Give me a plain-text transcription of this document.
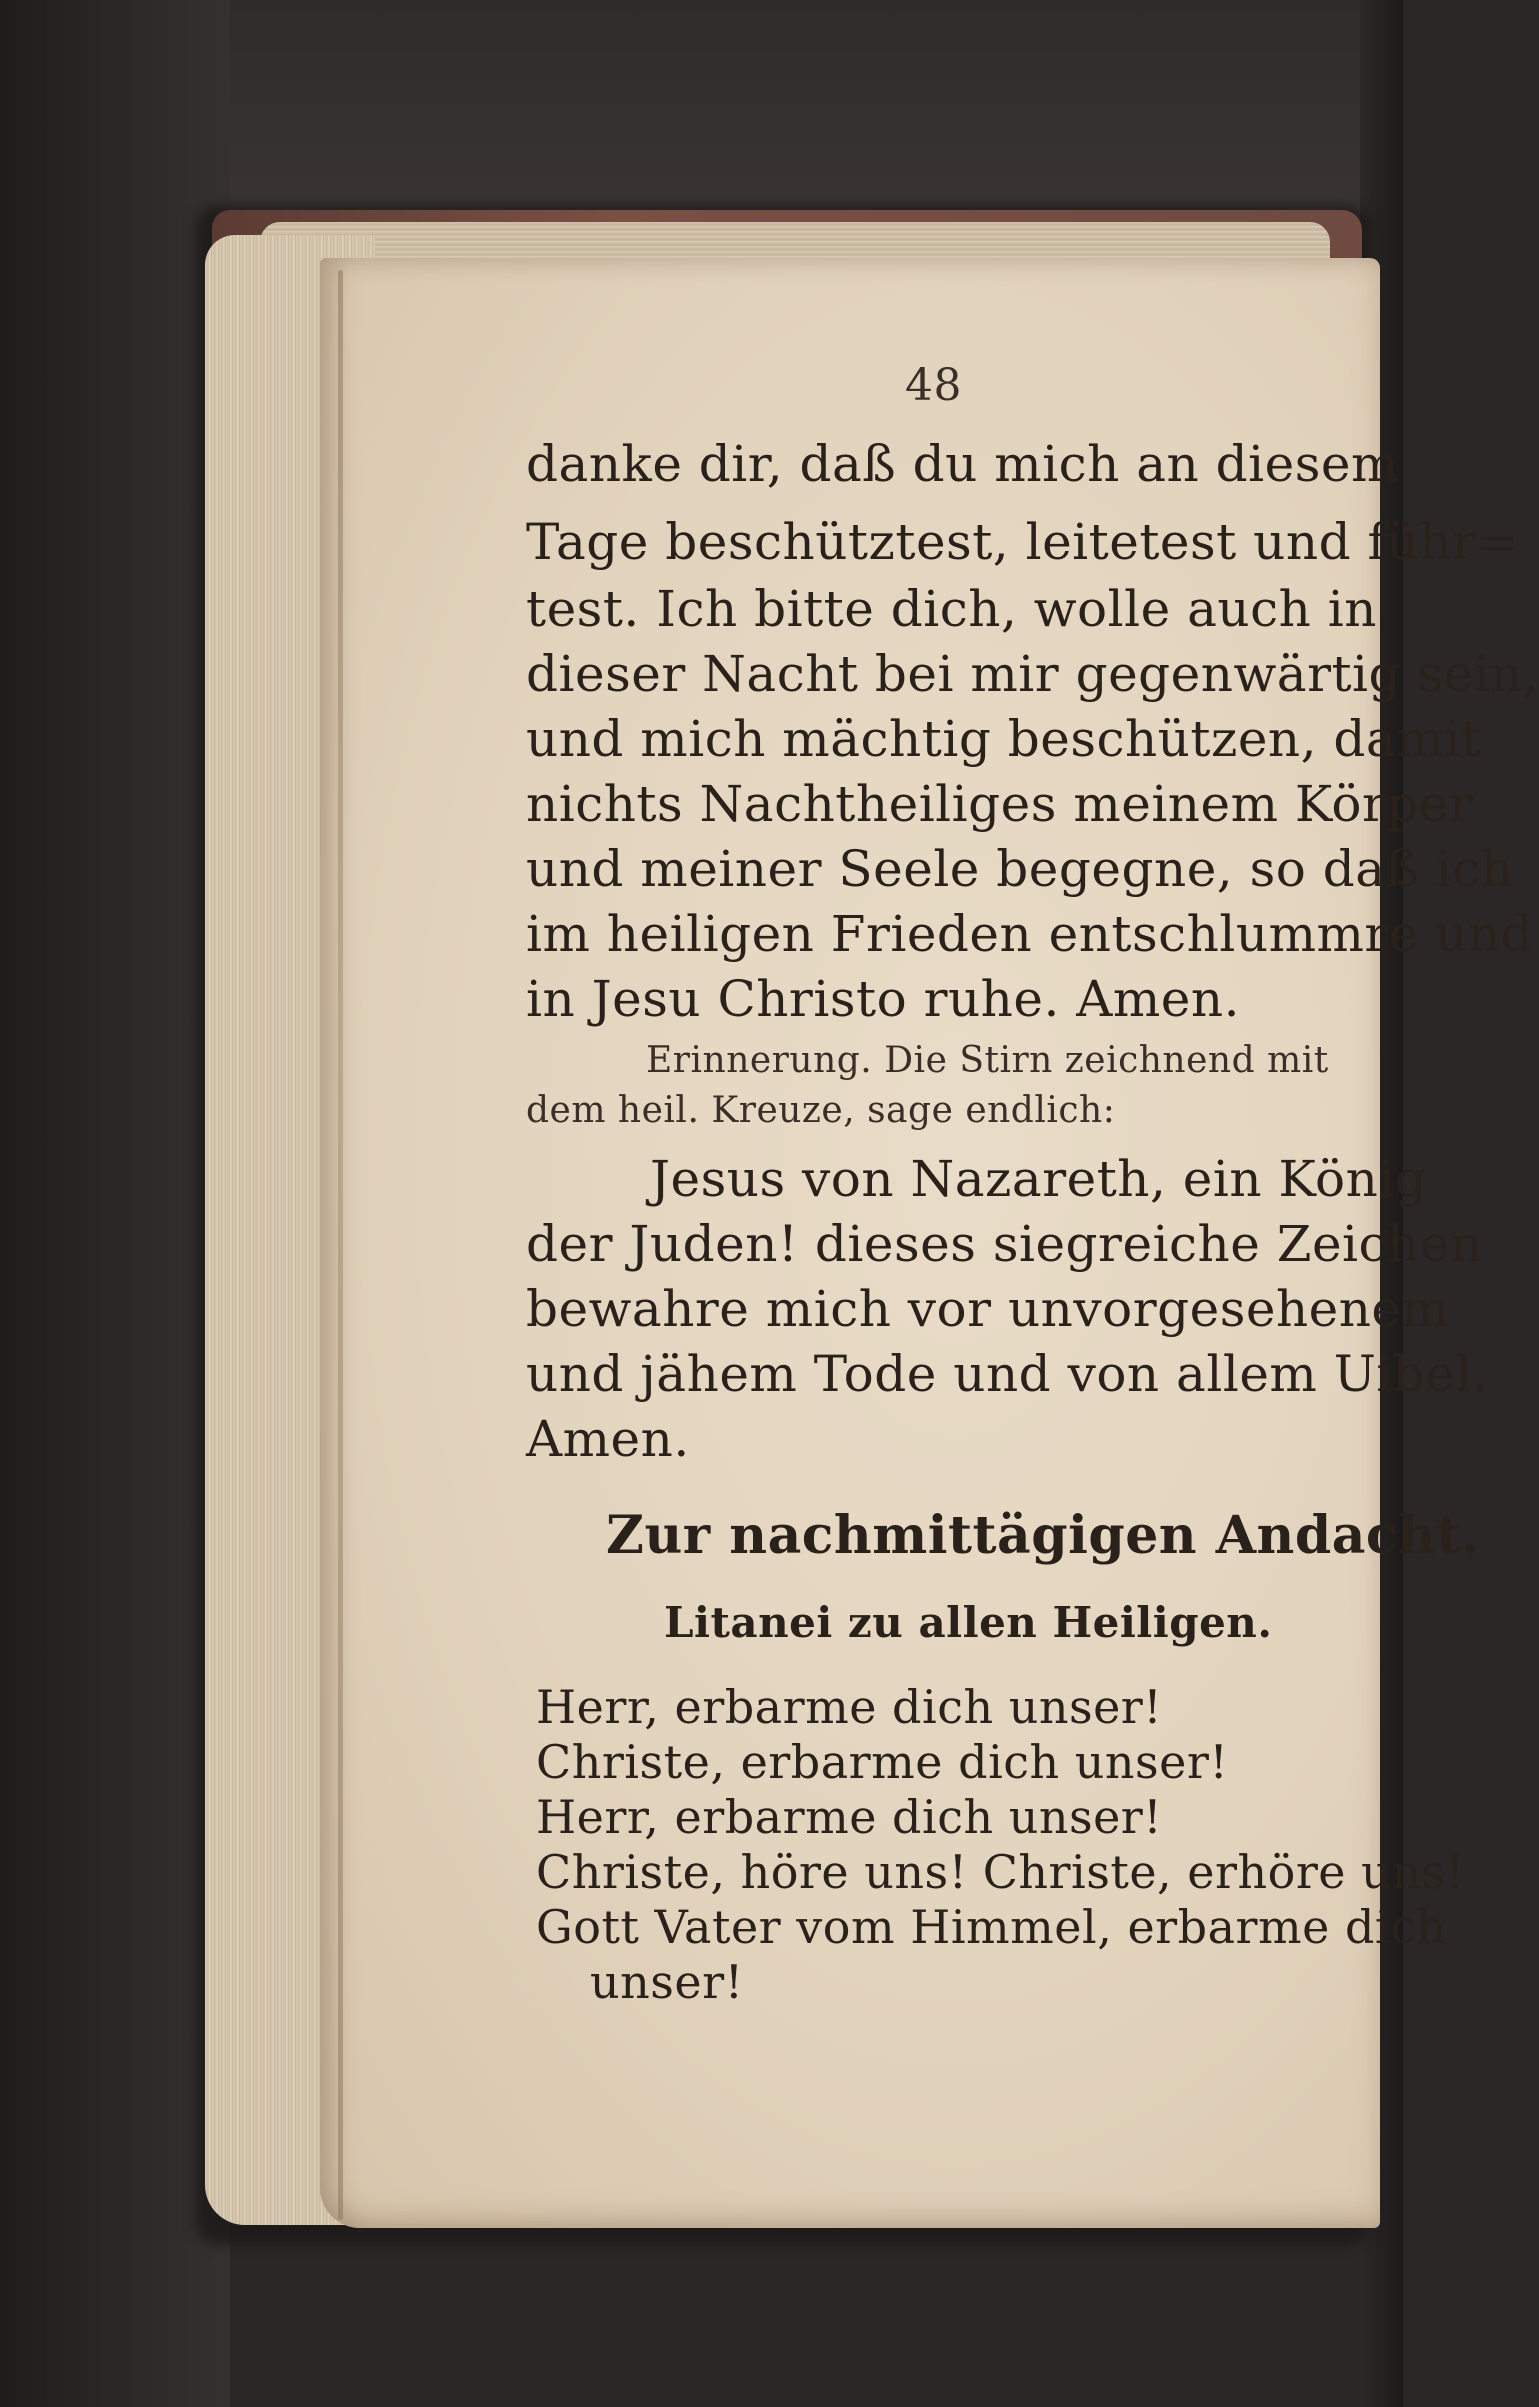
48
danke dir, daß du mich an diesem
Tage beschütztest, leitetest und führ=
test. Ich bitte dich, wolle auch in
dieser Nacht bei mir gegenwärtig sein,
und mich mächtig beschützen, damit
nichts Nachtheiliges meinem Körper
und meiner Seele begegne, so daß ich
im heiligen Frieden entschlummre und
in Jesu Christo ruhe. Amen.
Erinnerung. Die Stirn zeichnend mit
dem heil. Kreuze, sage endlich:
Jesus von Nazareth, ein König
der Juden! dieses siegreiche Zeichen
bewahre mich vor unvorgesehenem
und jähem Tode und von allem Uibel.
Amen.
Zur nachmittägigen Andacht.
Litanei zu allen Heiligen.
Herr, erbarme dich unser!
Christe, erbarme dich unser!
Herr, erbarme dich unser!
Christe, höre uns! Christe, erhöre uns!
Gott Vater vom Himmel, erbarme dich
unser!
